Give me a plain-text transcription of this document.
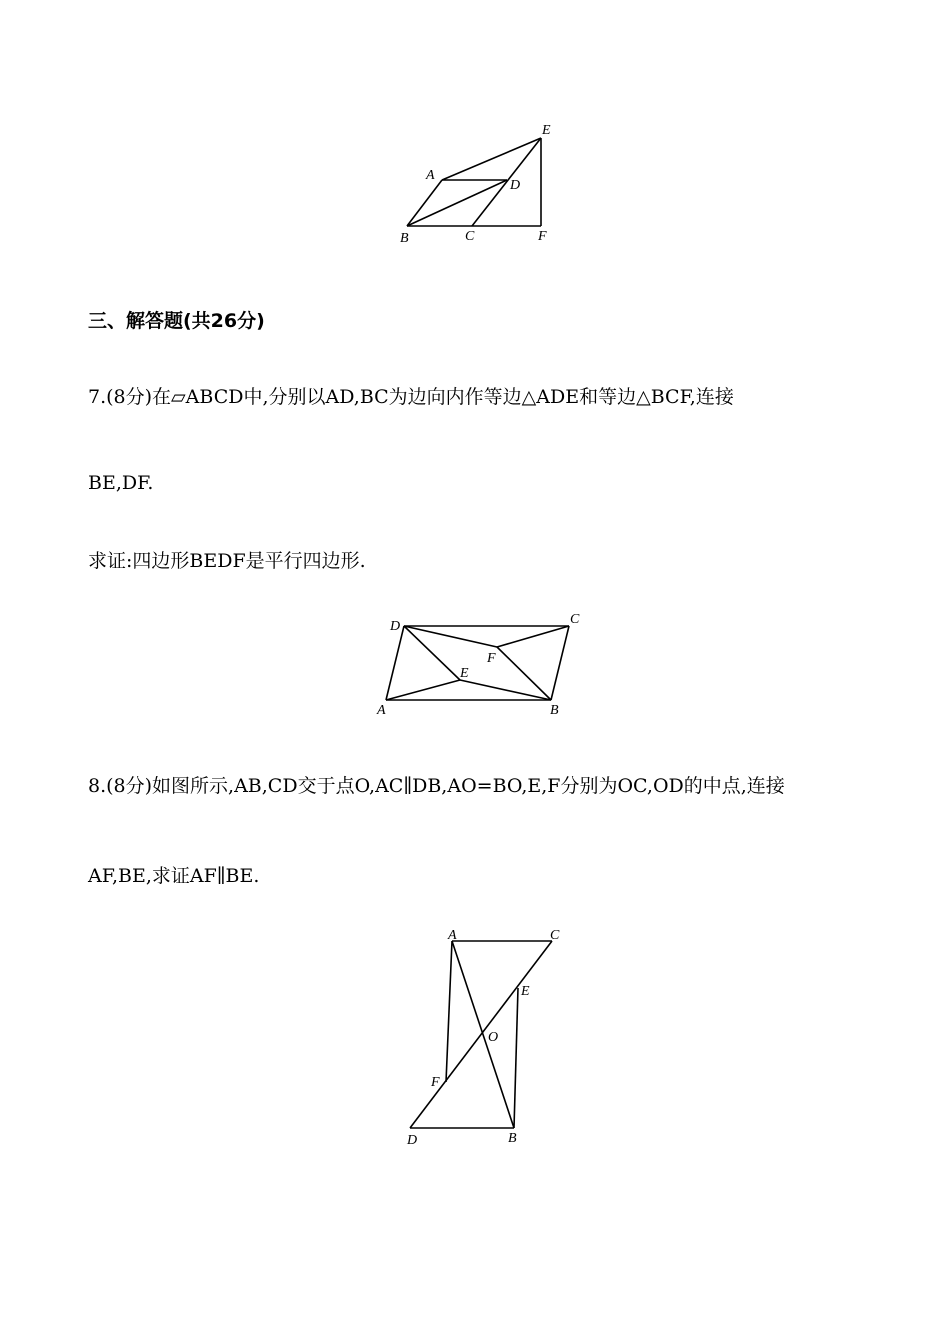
E
A
D
B	C	F
三、解答题(共26分)
7.(8分)在▱ABCD中,分别以AD,BC为边向内作等边△ADE和等边△BCF,连接
BE,DF.
求证:四边形BEDF是平行四边形.
D	C
F
E
A	B
8.(8分)如图所示,AB,CD交于点O,AC∥DB,AO=BO,E,F分别为OC,OD的中点,连接
AF,BE,求证AF∥BE.
A	C
E
O
F
D	B
